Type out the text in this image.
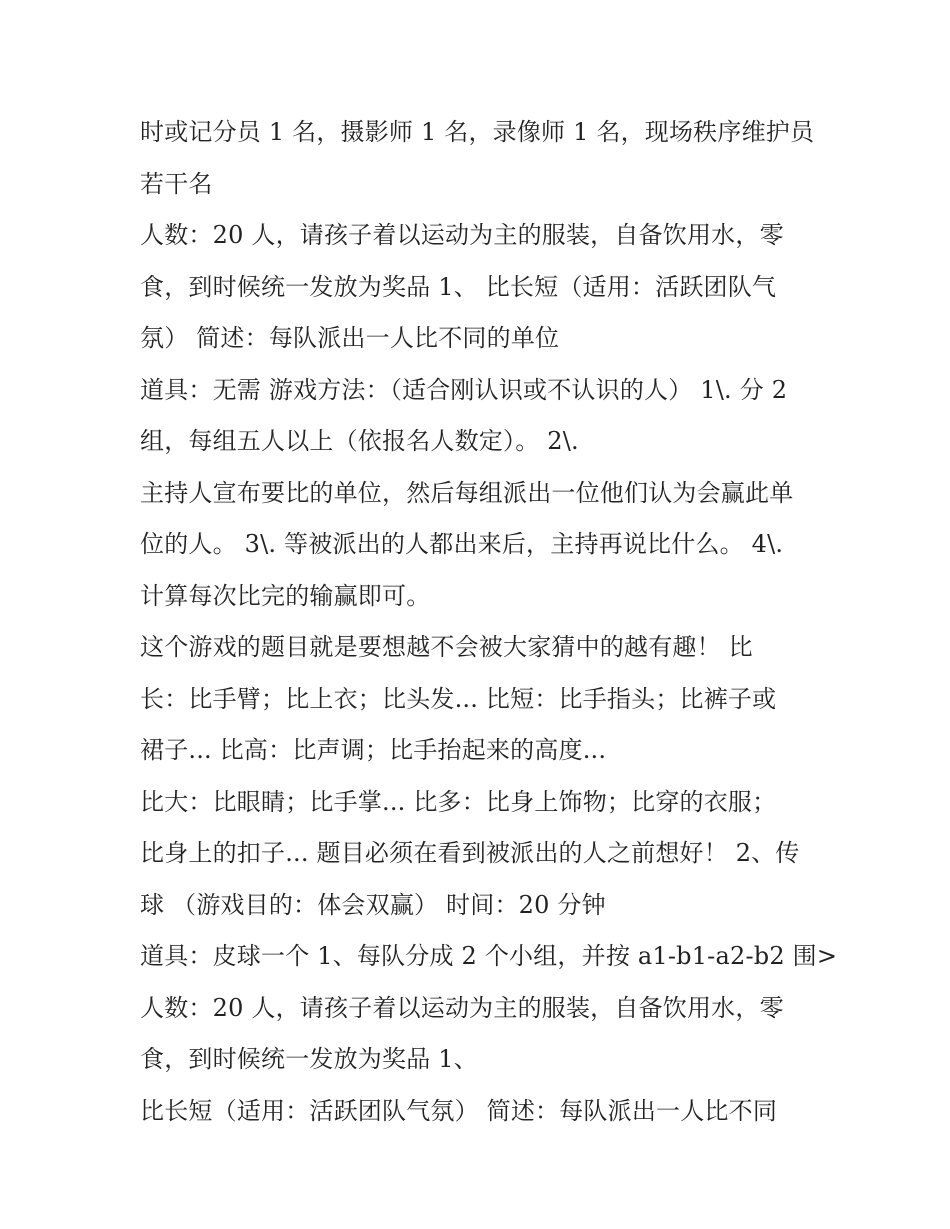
时或记分员 1 名，摄影师 1 名，录像师 1 名，现场秩序维护员
若干名
人数：20 人，请孩子着以运动为主的服装，自备饮用水，零
食，到时候统一发放为奖品 1、 比长短（适用：活跃团队气
氛） 简述：每队派出一人比不同的单位
道具：无需 游戏方法：（适合刚认识或不认识的人） 1\. 分 2
组，每组五人以上（依报名人数定）。 2\.
主持人宣布要比的单位，然后每组派出一位他们认为会赢此单
位的人。 3\. 等被派出的人都出来后，主持再说比什么。 4\.
计算每次比完的输赢即可。
这个游戏的题目就是要想越不会被大家猜中的越有趣！ 比
长：比手臂；比上衣；比头发... 比短：比手指头；比裤子或
裙子... 比高：比声调；比手抬起来的高度...
比大：比眼睛；比手掌... 比多：比身上饰物；比穿的衣服；
比身上的扣子... 题目必须在看到被派出的人之前想好！ 2、传
球 （游戏目的：体会双赢） 时间：20 分钟
道具：皮球一个 1、每队分成 2 个小组，并按 a1-b1-a2-b2 围>
人数：20 人，请孩子着以运动为主的服装，自备饮用水，零
食，到时候统一发放为奖品 1、
比长短（适用：活跃团队气氛） 简述：每队派出一人比不同
